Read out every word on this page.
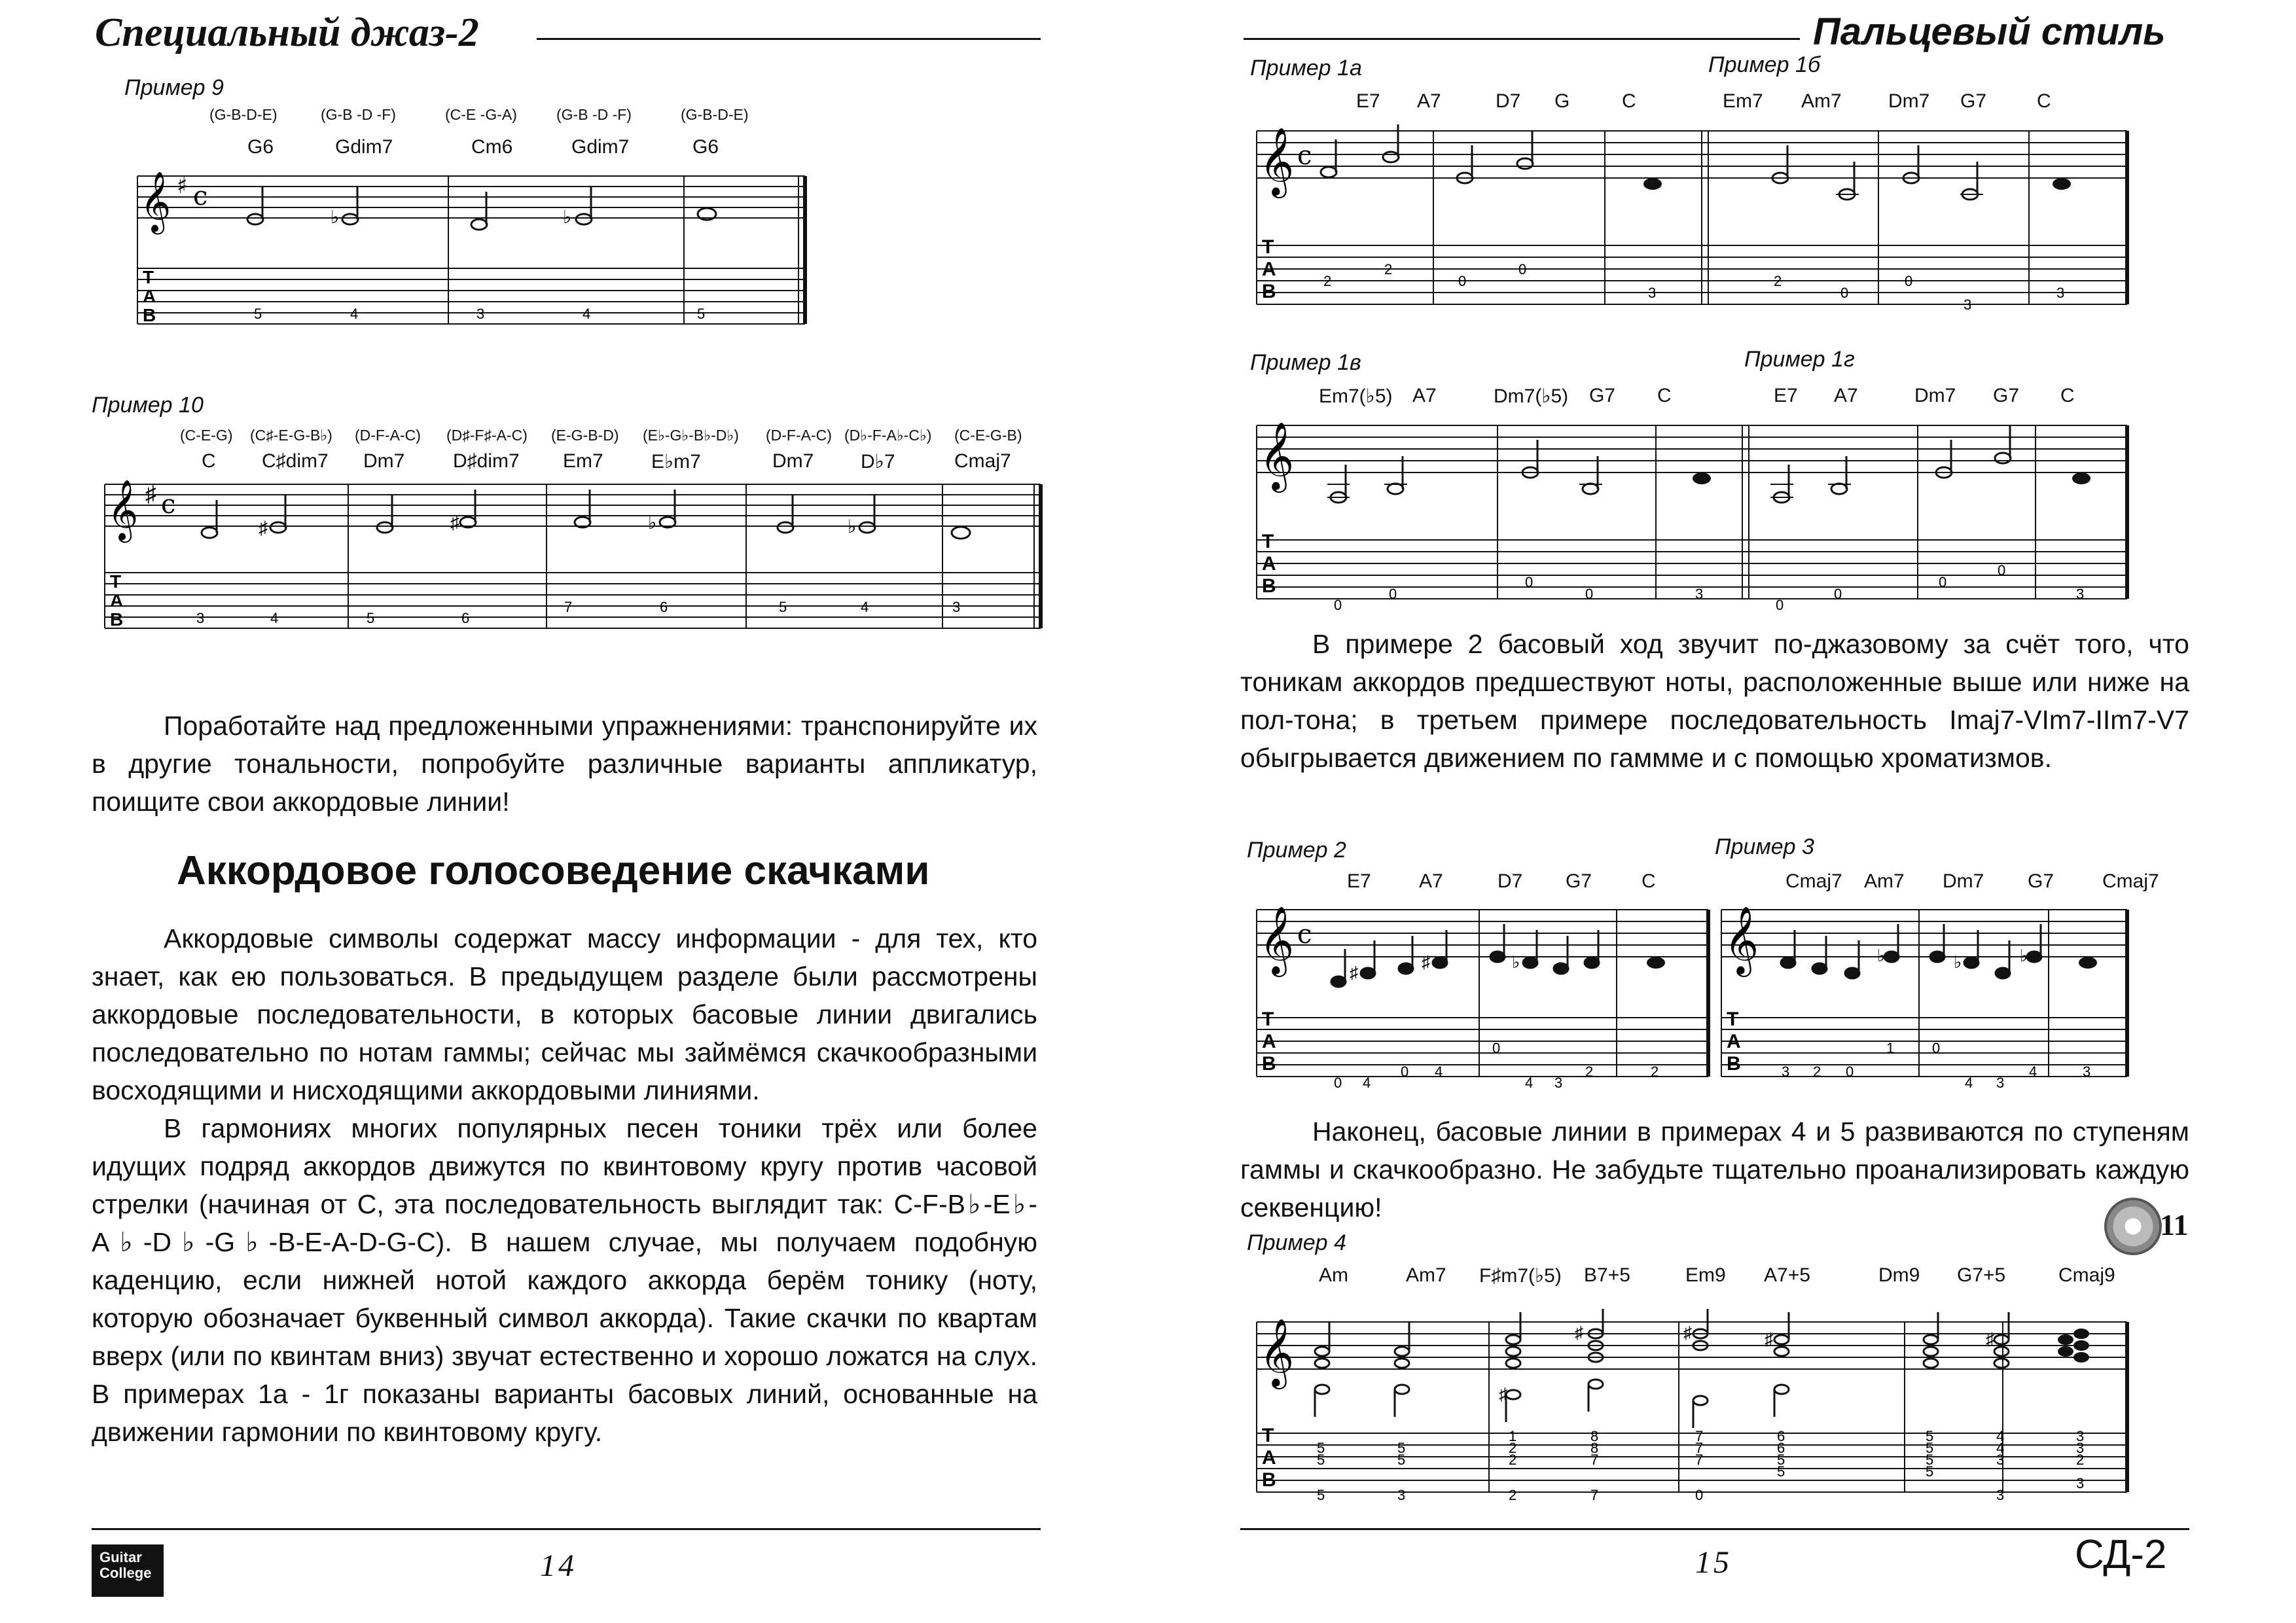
Специальный джаз-2	Пальцевый стиль
Пример 9
(G-B-D-E)	(G-B -D -F)	(C-E -G-A)	(G-B -D -F)	(G-B-D-E)
G6	Gdim7	Cm6	Gdim7	G6
𝄞 ♯ c
♭	♭
T
A
B	5	4	3	4	5
Пример 10
(C-E-G) (C♯-E-G-B♭) (D-F-A-C) (D♯-F♯-A-C) (E-G-B-D) (E♭-G♭-B♭-D♭) (D-F-A-C) (D♭-F-A♭-C♭) (C-E-G-B)
C C♯dim7 Dm7 D♯dim7 Em7 E♭m7	Dm7 D♭7	Cmaj7
𝄞 ♯ c
♯	♯	♭	♭
T
A
B	3	4	5	6
7	6	5	4	3

Поработайте над предложенными упражнениями: транспонируйте их в другие тональности, попробуйте различные варианты аппликатур, поищите свои аккордовые линии!

Аккордовое голосоведение скачками

Аккордовые символы содержат массу информации - для тех, кто знает, как ею пользоваться. В предыдущем разделе были рассмотрены аккордовые последовательности, в которых басовые линии двигались последовательно по нотам гаммы; сейчас мы займёмся скачкообразными восходящими и нисходящими аккордовыми линиями.

В гармониях многих популярных песен тоники трёх или более идущих подряд аккордов движутся по квинтовому кругу против часовой стрелки (начиная от С, эта последовательность выглядит так: C-F-B♭-E♭-A♭-D♭-G♭-B-E-A-D-G-C). В нашем случае, мы получаем подобную каденцию, если нижней нотой каждого аккорда берём тонику (ноту, которую обозначает буквенный символ аккорда). Такие скачки по квартам вверх (или по квинтам вниз) звучат естественно и хорошо ложатся на слух. В примерах 1а - 1г показаны варианты басовых линий, основанные на движении гармонии по квинтовому кругу.

Пример 1а	Пример 1б
E7 A7	D7 G	C	Em7 Am7 Dm7 G7	C
𝄞 c
T
A
B	2
2
0
0
3
2
0
0
3
3
Пример 1в	Пример 1г
Em7(♭5) A7	Dm7(♭5) G7 C	E7 A7	Dm7 G7 C
𝄞
T
A
B
0
0
0
0	3
0
0
0
0
3

В примере 2 басовый ход звучит по-джазовому за счёт того, что тоникам аккордов предшествуют ноты, расположенные выше или ниже на пол-тона; в третьем примере последовательность Imaj7-VIm7-IIm7-V7 обыгрывается движением по гаммме и с помощью хроматизмов.

Пример 2	Пример 3
E7 A7	D7 G7	C	Cmaj7 Am7 Dm7 G7 Cmaj7
𝄞 c
♯
♯	♭
T
A
B
0 4
0 4
0
4 3
2	2
𝄞	♭	♭	♭
T
A
B	3 2 0
1	0
4 3
4	3

Наконец, басовые линии в примерах 4 и 5 развиваются по ступеням гаммы и скачкообразно. Не забудьте тщательно проанализировать каждую секвенцию!

11
Пример 4
Am	Am7 F♯m7(♭5) B7+5	Em9 A7+5	Dm9 G7+5	Cmaj9
𝄞
♯
♯	♯	♯	♯
T
A
B
5
5
5
5
5
3
1
2
2
2
8
8
7
7
7
7
7
0
6
6
5
5
5
5
5
5
4
4
3
3
3
3
2
3
Guitar College	14	15	СД-2
